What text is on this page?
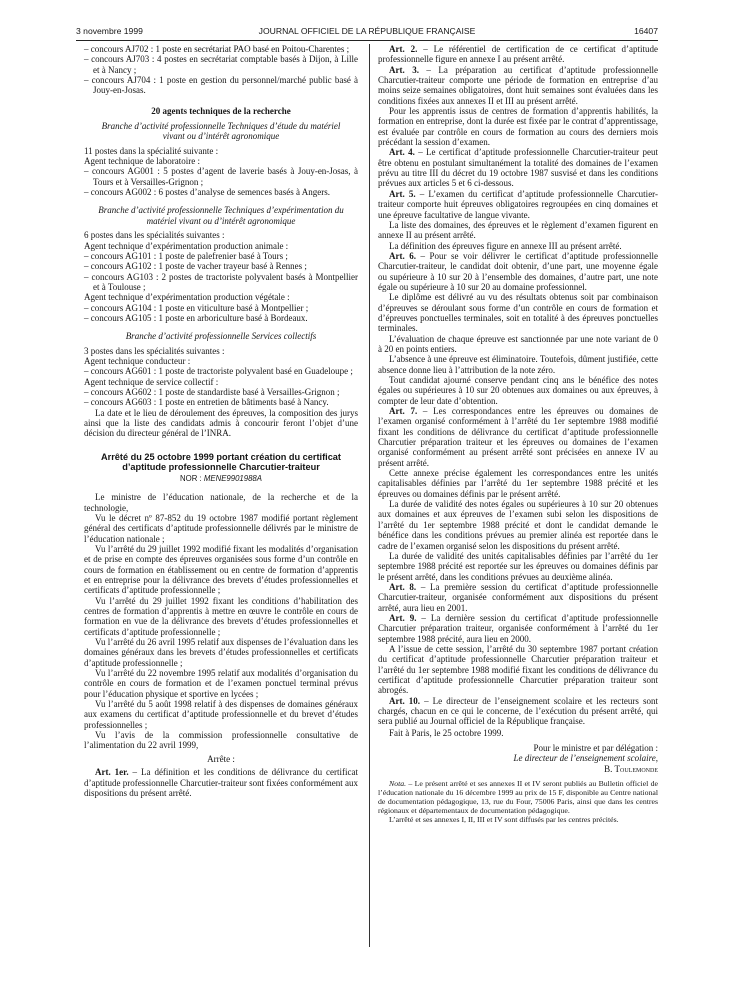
3 novembre 1999	JOURNAL OFFICIEL DE LA RÉPUBLIQUE FRANÇAISE	16407

– concours AJ702 : 1 poste en secrétariat PAO basé en Poitou-Charentes ;

– concours AJ703 : 4 postes en secrétariat comptable basés à Dijon, à Lille et à Nancy ;

– concours AJ704 : 1 poste en gestion du personnel/marché public basé à Jouy-en-Josas.

20 agents techniques de la recherche

Branche d’activité professionnelle Techniques d’étude du matériel vivant ou d’intérêt agronomique

11 postes dans la spécialité suivante :

Agent technique de laboratoire :

– concours AG001 : 5 postes d’agent de laverie basés à Jouy-en-Josas, à Tours et à Versailles-Grignon ;

– concours AG002 : 6 postes d’analyse de semences basés à Angers.

Branche d’activité professionnelle Techniques d’expérimentation du matériel vivant ou d’intérêt agronomique

6 postes dans les spécialités suivantes :

Agent technique d’expérimentation production animale :

– concours AG101 : 1 poste de palefrenier basé à Tours ;

– concours AG102 : 1 poste de vacher trayeur basé à Rennes ;

– concours AG103 : 2 postes de tractoriste polyvalent basés à Montpellier et à Toulouse ;

Agent technique d’expérimentation production végétale :

– concours AG104 : 1 poste en viticulture basé à Montpellier ;

– concours AG105 : 1 poste en arboriculture basé à Bordeaux.

Branche d’activité professionnelle Services collectifs

3 postes dans les spécialités suivantes :

Agent technique conducteur :

– concours AG601 : 1 poste de tractoriste polyvalent basé en Guadeloupe ;

Agent technique de service collectif :

– concours AG602 : 1 poste de standardiste basé à Versailles-Grignon ;

– concours AG603 : 1 poste en entretien de bâtiments basé à Nancy.

La date et le lieu de déroulement des épreuves, la composition des jurys ainsi que la liste des candidats admis à concourir feront l’objet d’une décision du directeur général de l’INRA.

Arrêté du 25 octobre 1999 portant création du certificat d’aptitude professionnelle Charcutier-traiteur

NOR : MENE9901988A

Le ministre de l’éducation nationale, de la recherche et de la technologie,

Vu le décret nº 87-852 du 19 octobre 1987 modifié portant règlement général des certificats d’aptitude professionnelle délivrés par le ministre de l’éducation nationale ;

Vu l’arrêté du 29 juillet 1992 modifié fixant les modalités d’organisation et de prise en compte des épreuves organisées sous forme d’un contrôle en cours de formation en établissement ou en centre de formation d’apprentis et en entreprise pour la délivrance des brevets d’études professionnelles et certificats d’aptitude professionnelle ;

Vu l’arrêté du 29 juillet 1992 fixant les conditions d’habilitation des centres de formation d’apprentis à mettre en œuvre le contrôle en cours de formation en vue de la délivrance des brevets d’études professionnelles et certificats d’aptitude professionnelle ;

Vu l’arrêté du 26 avril 1995 relatif aux dispenses de l’évaluation dans les domaines généraux dans les brevets d’études professionnelles et certificats d’aptitude professionnelle ;

Vu l’arrêté du 22 novembre 1995 relatif aux modalités d’organisation du contrôle en cours de formation et de l’examen ponctuel terminal prévus pour l’éducation physique et sportive en lycées ;

Vu l’arrêté du 5 août 1998 relatif à des dispenses de domaines généraux aux examens du certificat d’aptitude professionnelle et du brevet d’études professionnelles ;

Vu l’avis de la commission professionnelle consultative de l’alimentation du 22 avril 1999,

Arrête :

Art. 1er. – La définition et les conditions de délivrance du certificat d’aptitude professionnelle Charcutier-traiteur sont fixées conformément aux dispositions du présent arrêté.

Art. 2. – Le référentiel de certification de ce certificat d’aptitude professionnelle figure en annexe I au présent arrêté.

Art. 3. – La préparation au certificat d’aptitude professionnelle Charcutier-traiteur comporte une période de formation en entreprise d’au moins seize semaines obligatoires, dont huit semaines sont évaluées dans les conditions fixées aux annexes II et III au présent arrêté.

Pour les apprentis issus de centres de formation d’apprentis habilités, la formation en entreprise, dont la durée est fixée par le contrat d’apprentissage, est évaluée par contrôle en cours de formation au cours des derniers mois précédant la session d’examen.

Art. 4. – Le certificat d’aptitude professionnelle Charcutier-traiteur peut être obtenu en postulant simultanément la totalité des domaines de l’examen prévu au titre III du décret du 19 octobre 1987 susvisé et dans les conditions prévues aux articles 5 et 6 ci-dessous.

Art. 5. – L’examen du certificat d’aptitude professionnelle Charcutier-traiteur comporte huit épreuves obligatoires regroupées en cinq domaines et une épreuve facultative de langue vivante.

La liste des domaines, des épreuves et le règlement d’examen figurent en annexe II au présent arrêté.

La définition des épreuves figure en annexe III au présent arrêté.

Art. 6. – Pour se voir délivrer le certificat d’aptitude professionnelle Charcutier-traiteur, le candidat doit obtenir, d’une part, une moyenne égale ou supérieure à 10 sur 20 à l’ensemble des domaines, d’autre part, une note égale ou supérieure à 10 sur 20 au domaine professionnel.

Le diplôme est délivré au vu des résultats obtenus soit par combinaison d’épreuves se déroulant sous forme d’un contrôle en cours de formation et d’épreuves ponctuelles terminales, soit en totalité à des épreuves ponctuelles terminales.

L’évaluation de chaque épreuve est sanctionnée par une note variant de 0 à 20 en points entiers.

L’absence à une épreuve est éliminatoire. Toutefois, dûment justifiée, cette absence donne lieu à l’attribution de la note zéro.

Tout candidat ajourné conserve pendant cinq ans le bénéfice des notes égales ou supérieures à 10 sur 20 obtenues aux domaines ou aux épreuves, à compter de leur date d’obtention.

Art. 7. – Les correspondances entre les épreuves ou domaines de l’examen organisé conformément à l’arrêté du 1er septembre 1988 modifié fixant les conditions de délivrance du certificat d’aptitude professionnelle Charcutier préparation traiteur et les épreuves ou domaines de l’examen organisé conformément au présent arrêté sont précisées en annexe IV au présent arrêté.

Cette annexe précise également les correspondances entre les unités capitalisables définies par l’arrêté du 1er septembre 1988 précité et les épreuves ou domaines définis par le présent arrêté.

La durée de validité des notes égales ou supérieures à 10 sur 20 obtenues aux domaines et aux épreuves de l’examen subi selon les dispositions de l’arrêté du 1er septembre 1988 précité et dont le candidat demande le bénéfice dans les conditions prévues au premier alinéa est reportée dans le cadre de l’examen organisé selon les dispositions du présent arrêté.

La durée de validité des unités capitalisables définies par l’arrêté du 1er septembre 1988 précité est reportée sur les épreuves ou domaines définis par le présent arrêté, dans les conditions prévues au deuxième alinéa.

Art. 8. – La première session du certificat d’aptitude professionnelle Charcutier-traiteur, organisée conformément aux dispositions du présent arrêté, aura lieu en 2001.

Art. 9. – La dernière session du certificat d’aptitude professionnelle Charcutier préparation traiteur, organisée conformément à l’arrêté du 1er septembre 1988 précité, aura lieu en 2000.

A l’issue de cette session, l’arrêté du 30 septembre 1987 portant création du certificat d’aptitude professionnelle Charcutier préparation traiteur et l’arrêté du 1er septembre 1988 modifié fixant les conditions de délivrance du certificat d’aptitude professionnelle Charcutier préparation traiteur sont abrogés.

Art. 10. – Le directeur de l’enseignement scolaire et les recteurs sont chargés, chacun en ce qui le concerne, de l’exécution du présent arrêté, qui sera publié au Journal officiel de la République française.

Fait à Paris, le 25 octobre 1999.

Pour le ministre et par délégation :

Le directeur de l’enseignement scolaire,

B. Toulemonde

Nota. – Le présent arrêté et ses annexes II et IV seront publiés au Bulletin officiel de l’éducation nationale du 16 décembre 1999 au prix de 15 F, disponible au Centre national de documentation pédagogique, 13, rue du Four, 75006 Paris, ainsi que dans les centres régionaux et départementaux de documentation pédagogique.

L’arrêté et ses annexes I, II, III et IV sont diffusés par les centres précités.
